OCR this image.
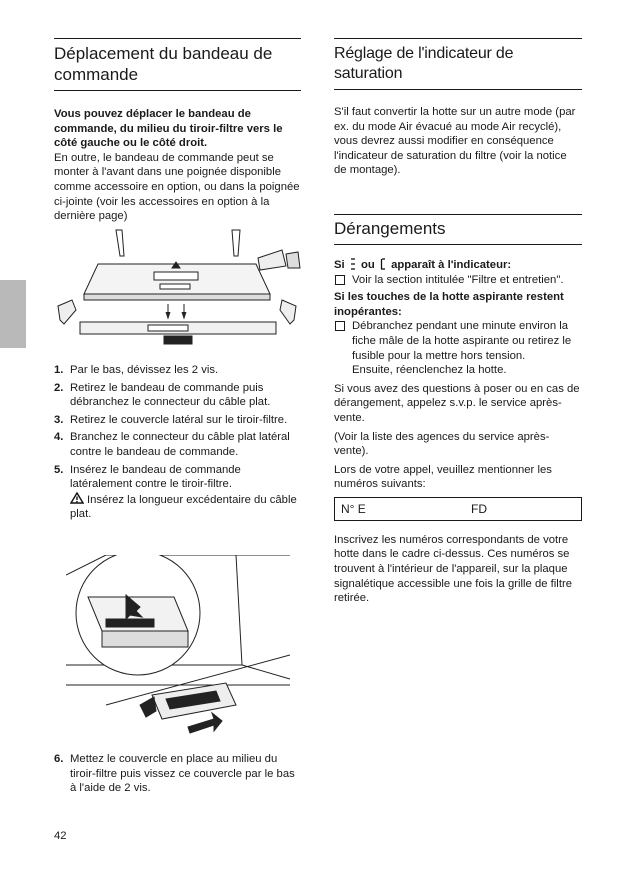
Déplacement du bandeau de commande

Vous pouvez déplacer le bandeau de commande, du milieu du tiroir-filtre vers le côté gauche ou le côté droit.

En outre, le bandeau de commande peut se monter à l'avant dans une poignée disponible comme accessoire en option, ou dans la poignée ci-jointe (voir les accessoires en option à la dernière page)

1. Par le bas, dévissez les 2 vis.
2. Retirez le bandeau de commande puis débranchez le connecteur du câble plat.
3. Retirez le couvercle latéral sur le tiroir-filtre.
4. Branchez le connecteur du câble plat latéral contre le bandeau de commande.
5. Insérez le bandeau de commande latéralement contre le tiroir-filtre.

Insérez la longueur excédentaire du câble plat.

6. Mettez le couvercle en place au milieu du tiroir-filtre puis vissez ce couvercle par le bas à l'aide de 2 vis.
42
Réglage de l'indicateur de saturation

S'il faut convertir la hotte sur un autre mode (par ex. du mode Air évacué au mode Air recyclé), vous devrez aussi modifier en conséquence l'indicateur de saturation du filtre (voir la notice de montage).

Dérangements

Si ou apparaît à l'indicateur:

Voir la section intitulée "Filtre et entretien".

Si les touches de la hotte aspirante restent inopérantes:

Débranchez pendant une minute environ la fiche mâle de la hotte aspirante ou retirez le fusible pour la mettre hors tension.
Ensuite, réenclenchez la hotte.

Si vous avez des questions à poser ou en cas de dérangement, appelez s.v.p. le service après-vente.

(Voir la liste des agences du service après-vente).

Lors de votre appel, veuillez mentionner les numéros suivants:

N° E	FD

Inscrivez les numéros correspondants de votre hotte dans le cadre ci-dessus. Ces numéros se trouvent à l'intérieur de l'appareil, sur la plaque signalétique accessible une fois la grille de filtre retirée.
